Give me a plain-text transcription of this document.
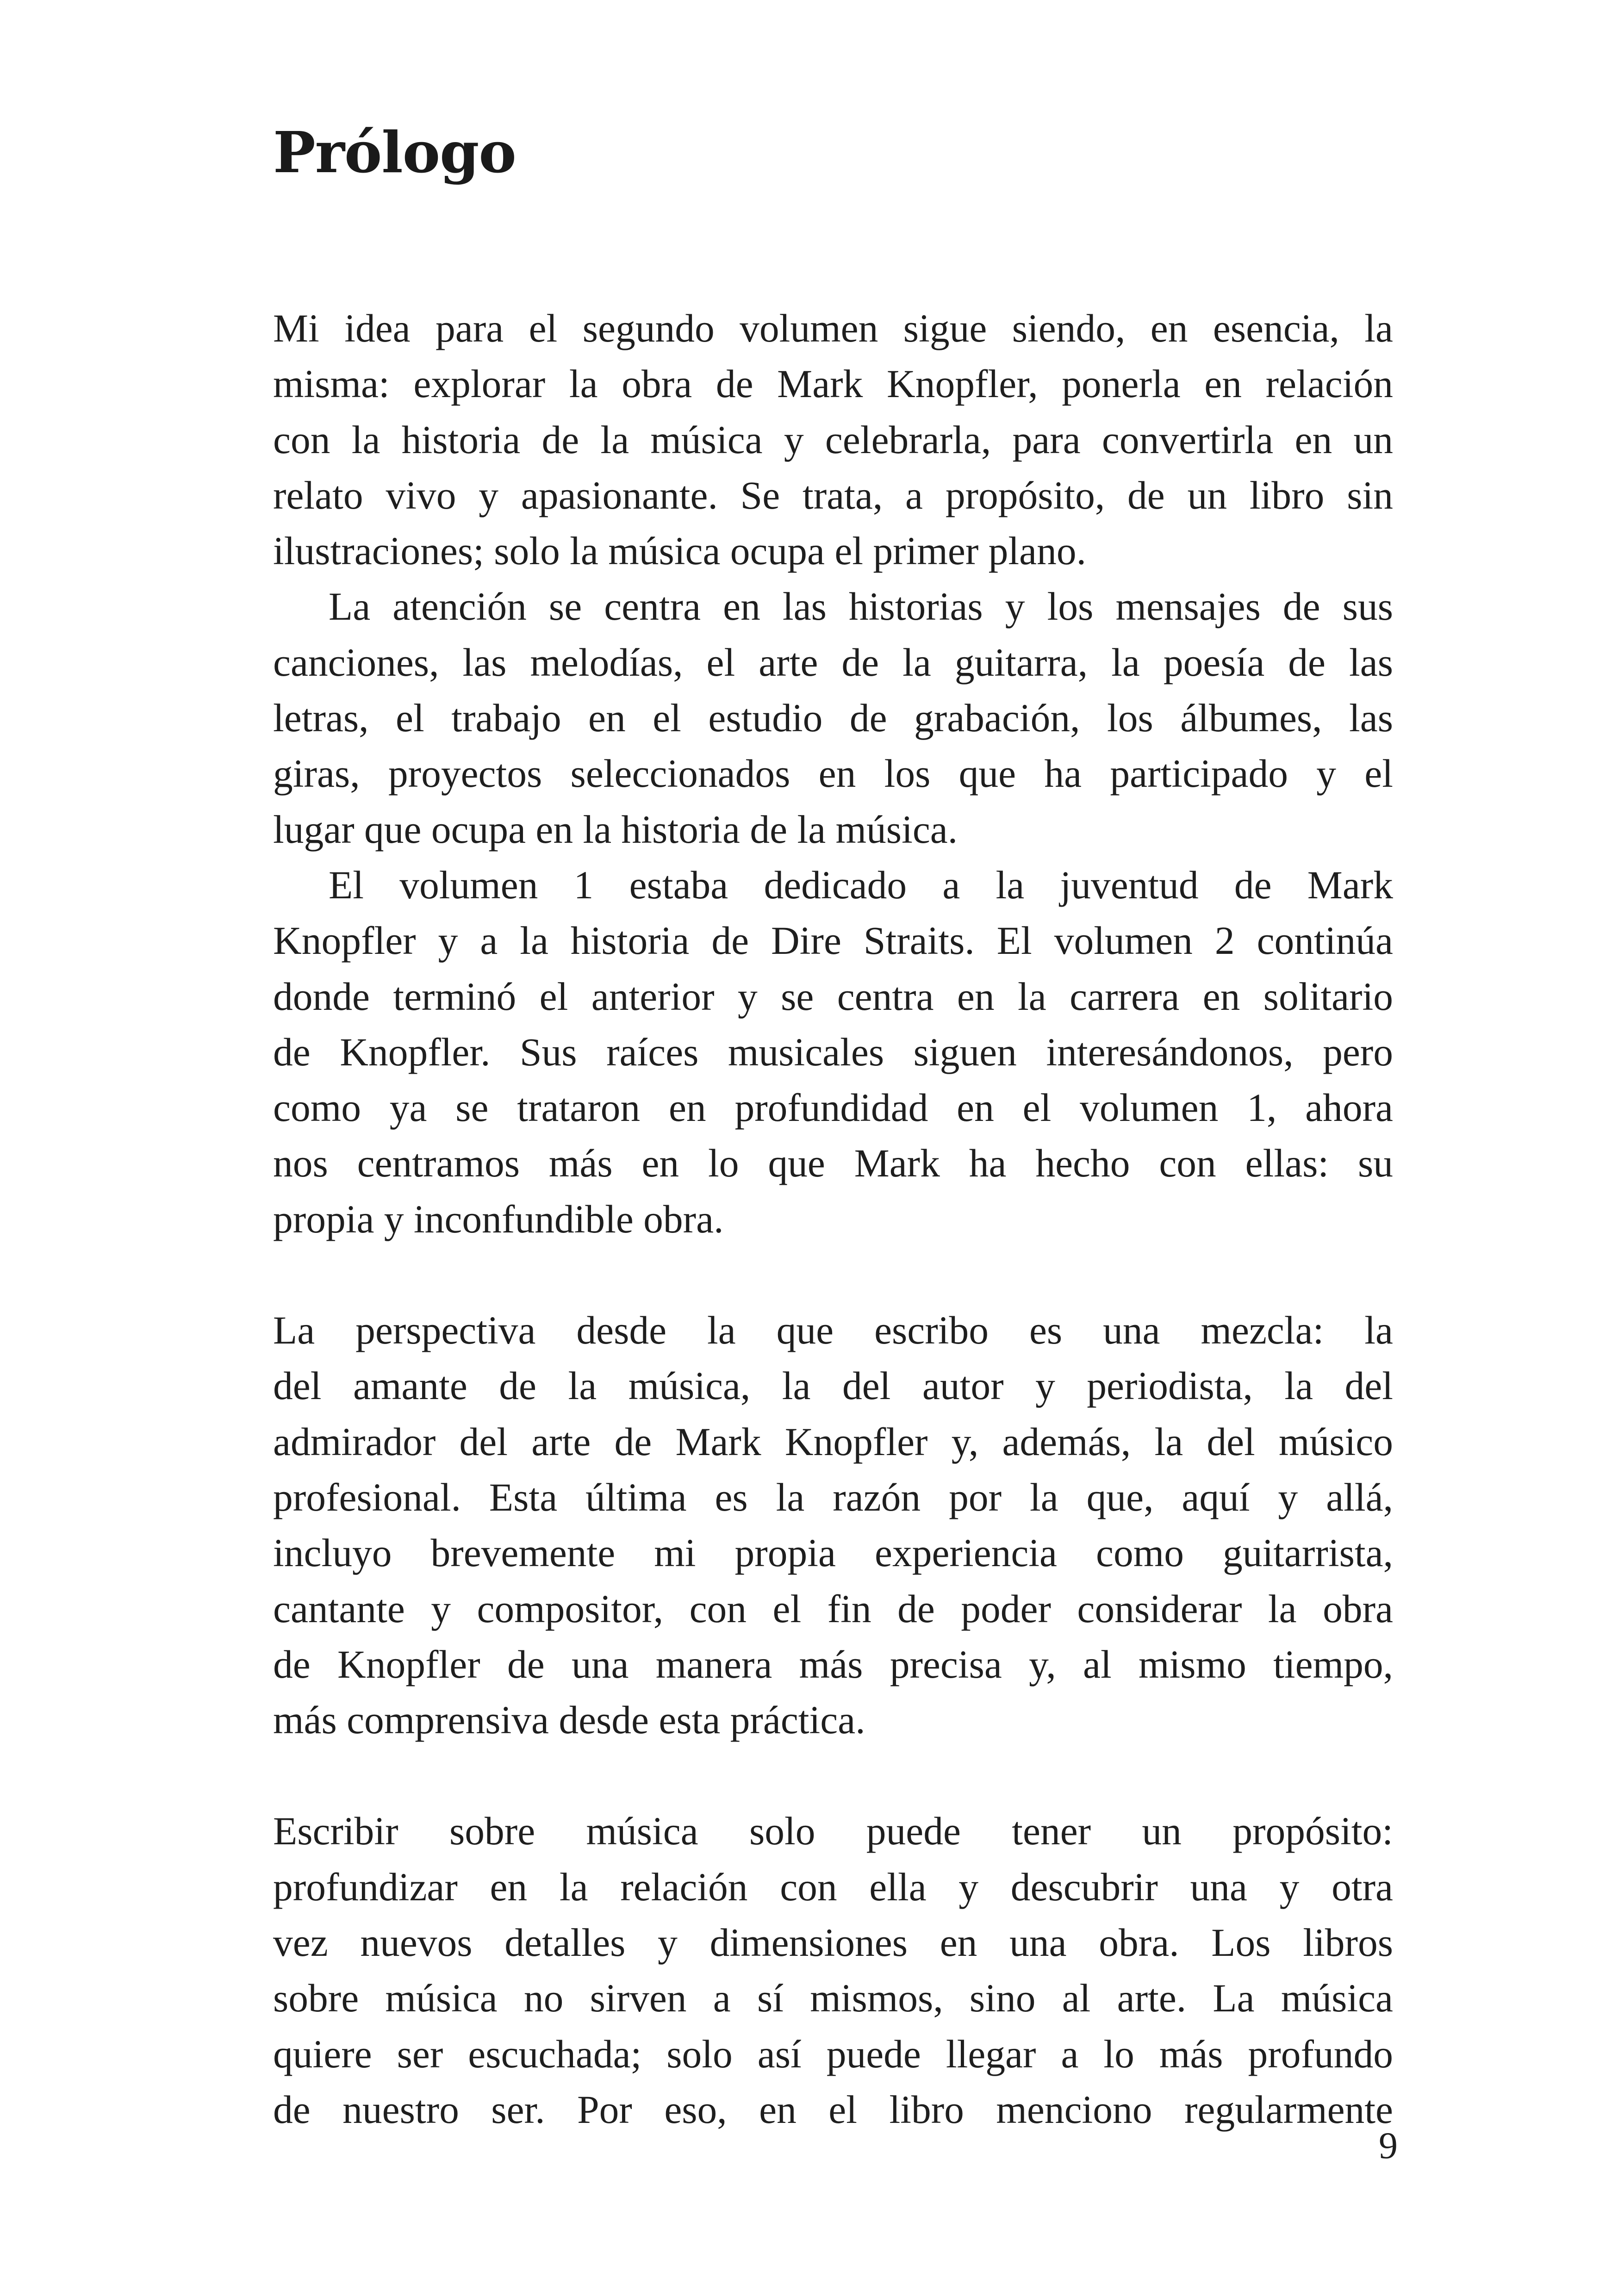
Prólogo

Mi idea para el segundo volumen sigue siendo, en esencia, la
misma: explorar la obra de Mark Knopfler, ponerla en relación
con la historia de la música y celebrarla, para convertirla en un
relato vivo y apasionante. Se trata, a propósito, de un libro sin
ilustraciones; solo la música ocupa el primer plano.

La atención se centra en las historias y los mensajes de sus
canciones, las melodías, el arte de la guitarra, la poesía de las
letras, el trabajo en el estudio de grabación, los álbumes, las
giras, proyectos seleccionados en los que ha participado y el
lugar que ocupa en la historia de la música.

El volumen 1 estaba dedicado a la juventud de Mark
Knopfler y a la historia de Dire Straits. El volumen 2 continúa
donde terminó el anterior y se centra en la carrera en solitario
de Knopfler. Sus raíces musicales siguen interesándonos, pero
como ya se trataron en profundidad en el volumen 1, ahora
nos centramos más en lo que Mark ha hecho con ellas: su
propia y inconfundible obra.

La perspectiva desde la que escribo es una mezcla: la
del amante de la música, la del autor y periodista, la del
admirador del arte de Mark Knopfler y, además, la del músico
profesional. Esta última es la razón por la que, aquí y allá,
incluyo brevemente mi propia experiencia como guitarrista,
cantante y compositor, con el fin de poder considerar la obra
de Knopfler de una manera más precisa y, al mismo tiempo,
más comprensiva desde esta práctica.

Escribir sobre música solo puede tener un propósito:
profundizar en la relación con ella y descubrir una y otra
vez nuevos detalles y dimensiones en una obra. Los libros
sobre música no sirven a sí mismos, sino al arte. La música
quiere ser escuchada; solo así puede llegar a lo más profundo
de nuestro ser. Por eso, en el libro menciono regularmente

9
